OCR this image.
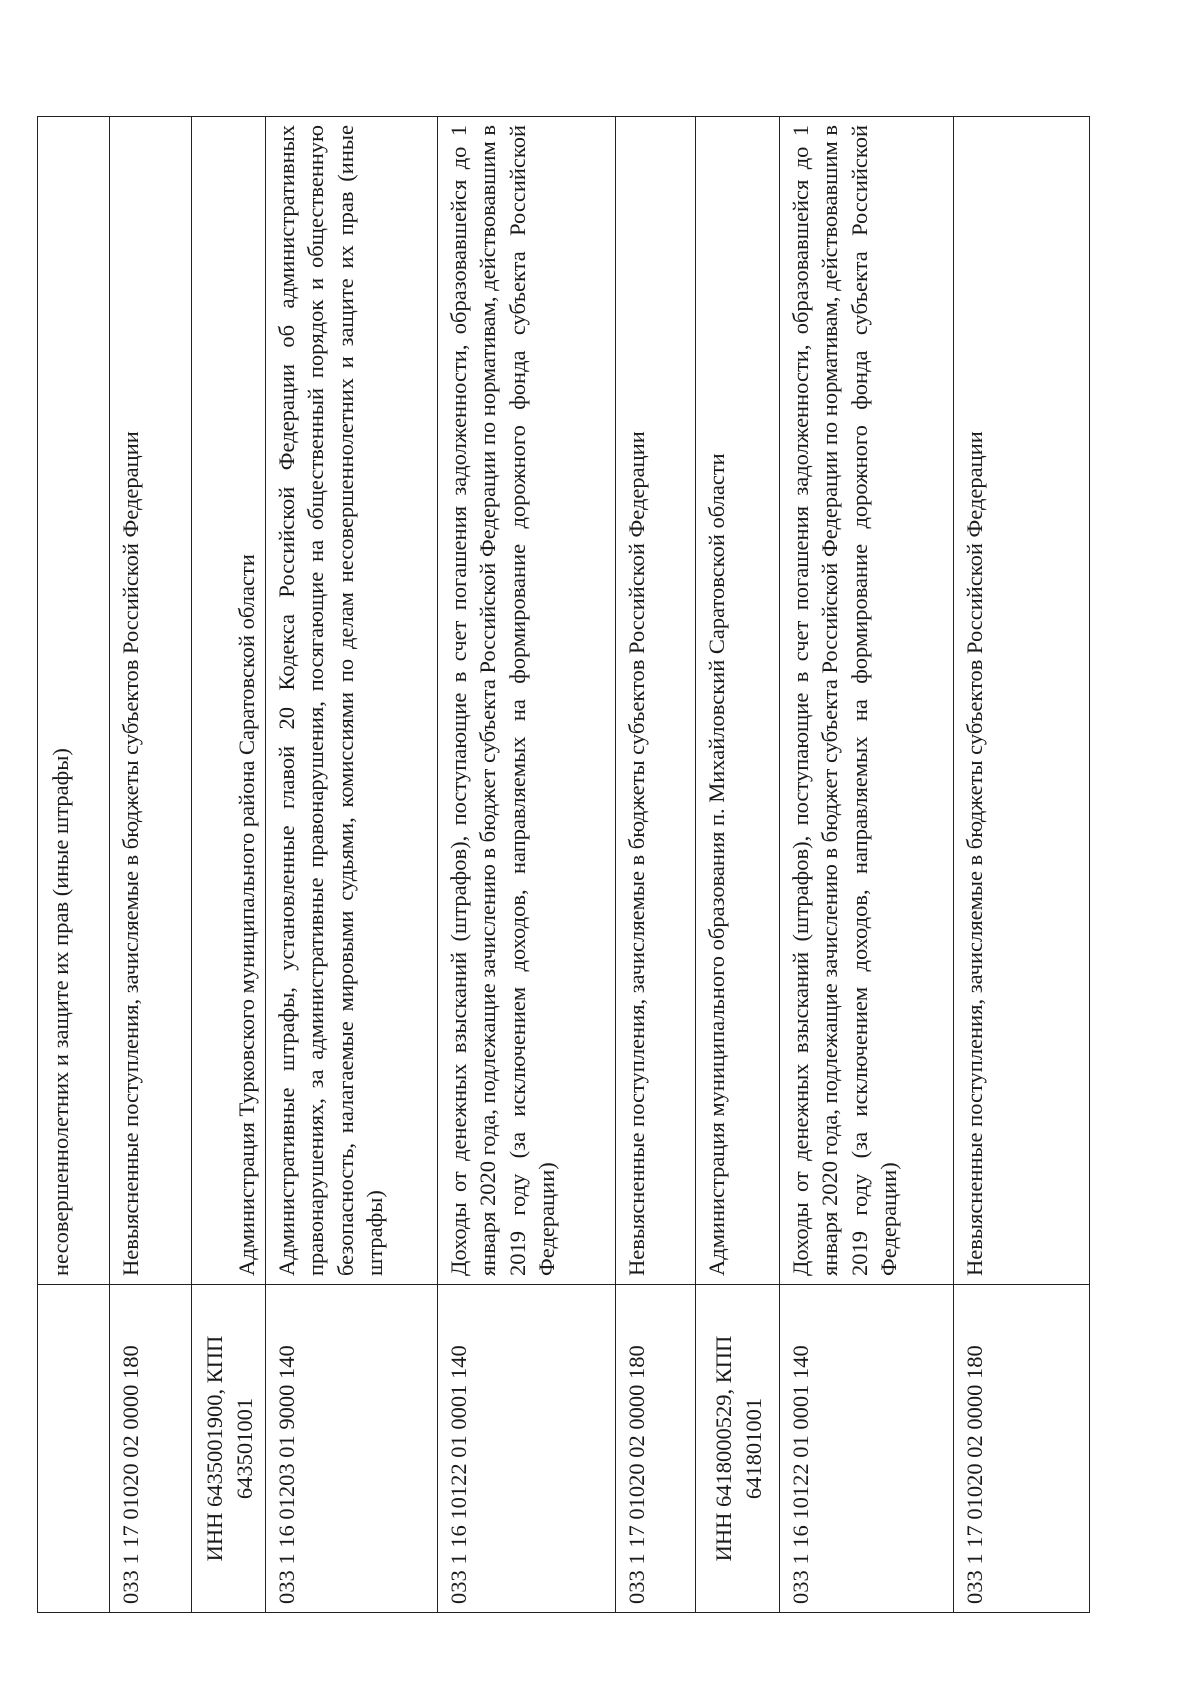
	несовершеннолетних и защите их прав (иные штрафы)
033 1 17 01020 02 0000 180	Невыясненные поступления, зачисляемые в бюджеты субъектов Российской Федерации
ИНН 6435001900, КПП 643501001	Администрация Турковского муниципального района Саратовской области
033 1 16 01203 01 9000 140	Административные штрафы, установленные главой 20 Кодекса Российской Федерации об административных правонарушениях, за административные правонарушения, посягающие на общественный порядок и общественную безопасность, налагаемые мировыми судьями, комиссиями по делам несовершеннолетних и защите их прав (иные штрафы)
033 1 16 10122 01 0001 140	Доходы от денежных взысканий (штрафов), поступающие в счет погашения задолженности, образовавшейся до 1 января 2020 года, подлежащие зачислению в бюджет субъекта Российской Федерации по нормативам, действовавшим в 2019 году (за исключением доходов, направляемых на формирование дорожного фонда субъекта Российской Федерации)
033 1 17 01020 02 0000 180	Невыясненные поступления, зачисляемые в бюджеты субъектов Российской Федерации
ИНН 6418000529, КПП 641801001	Администрация муниципального образования п. Михайловский Саратовской области
033 1 16 10122 01 0001 140	Доходы от денежных взысканий (штрафов), поступающие в счет погашения задолженности, образовавшейся до 1 января 2020 года, подлежащие зачислению в бюджет субъекта Российской Федерации по нормативам, действовавшим в 2019 году (за исключением доходов, направляемых на формирование дорожного фонда субъекта Российской Федерации)
033 1 17 01020 02 0000 180	Невыясненные поступления, зачисляемые в бюджеты субъектов Российской Федерации
